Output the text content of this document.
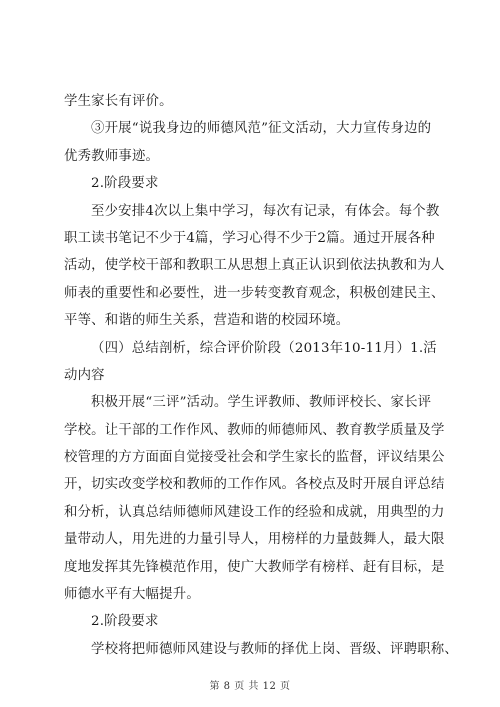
学生家长有评价。
③开展“说我身边的师德风范”征文活动，大力宣传身边的
优秀教师事迹。
2.阶段要求
至少安排4次以上集中学习，每次有记录，有体会。每个教
职工读书笔记不少于4篇，学习心得不少于2篇。通过开展各种
活动，使学校干部和教职工从思想上真正认识到依法执教和为人
师表的重要性和必要性，进一步转变教育观念，积极创建民主、
平等、和谐的师生关系，营造和谐的校园环境。
（四）总结剖析，综合评价阶段（2013年10-11月）1.活
动内容
积极开展“三评”活动。学生评教师、教师评校长、家长评
学校。让干部的工作作风、教师的师德师风、教育教学质量及学
校管理的方方面面自觉接受社会和学生家长的监督，评议结果公
开，切实改变学校和教师的工作作风。各校点及时开展自评总结
和分析，认真总结师德师风建设工作的经验和成就，用典型的力
量带动人，用先进的力量引导人，用榜样的力量鼓舞人，最大限
度地发挥其先锋模范作用，使广大教师学有榜样、赶有目标，是
师德水平有大幅提升。
2.阶段要求
学校将把师德师风建设与教师的择优上岗、晋级、评聘职称、
第 8 页 共 12 页
